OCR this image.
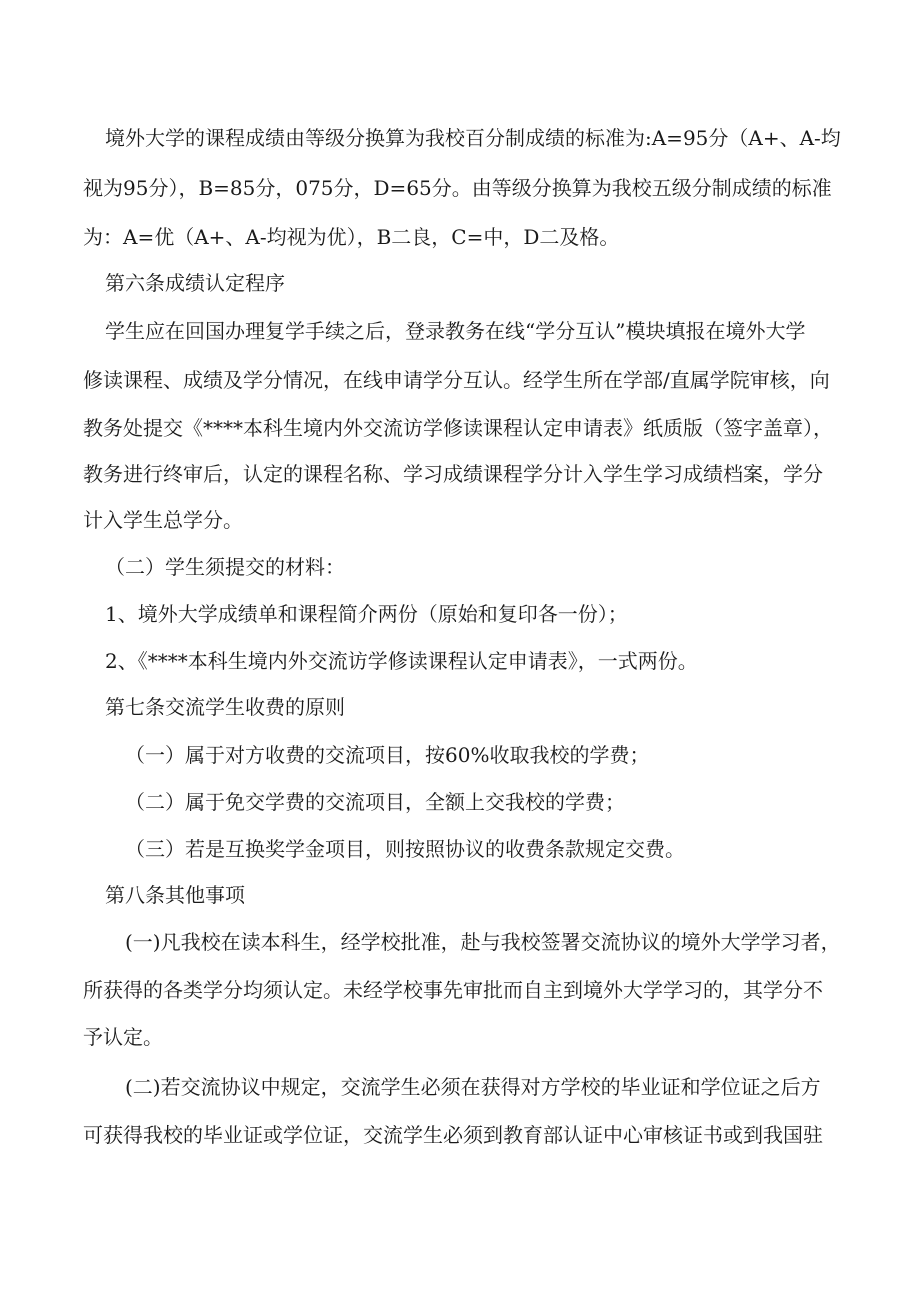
境外大学的课程成绩由等级分换算为我校百分制成绩的标准为:A=95分（A+、A-均
视为95分），B=85分，075分，D=65分。由等级分换算为我校五级分制成绩的标准
为：A=优（A+、A-均视为优），B二良，C=中，D二及格。
第六条成绩认定程序
学生应在回国办理复学手续之后，登录教务在线“学分互认”模块填报在境外大学
修读课程、成绩及学分情况，在线申请学分互认。经学生所在学部/直属学院审核，向
教务处提交《****本科生境内外交流访学修读课程认定申请表》纸质版（签字盖章），
教务进行终审后，认定的课程名称、学习成绩课程学分计入学生学习成绩档案，学分
计入学生总学分。
（二）学生须提交的材料：
1、境外大学成绩单和课程简介两份（原始和复印各一份）；
2、《****本科生境内外交流访学修读课程认定申请表》，一式两份。
第七条交流学生收费的原则
（一）属于对方收费的交流项目，按60%收取我校的学费；
（二）属于免交学费的交流项目，全额上交我校的学费；
（三）若是互换奖学金项目，则按照协议的收费条款规定交费。
第八条其他事项
(一)凡我校在读本科生，经学校批准，赴与我校签署交流协议的境外大学学习者，
所获得的各类学分均须认定。未经学校事先审批而自主到境外大学学习的，其学分不
予认定。
(二)若交流协议中规定，交流学生必须在获得对方学校的毕业证和学位证之后方
可获得我校的毕业证或学位证，交流学生必须到教育部认证中心审核证书或到我国驻
